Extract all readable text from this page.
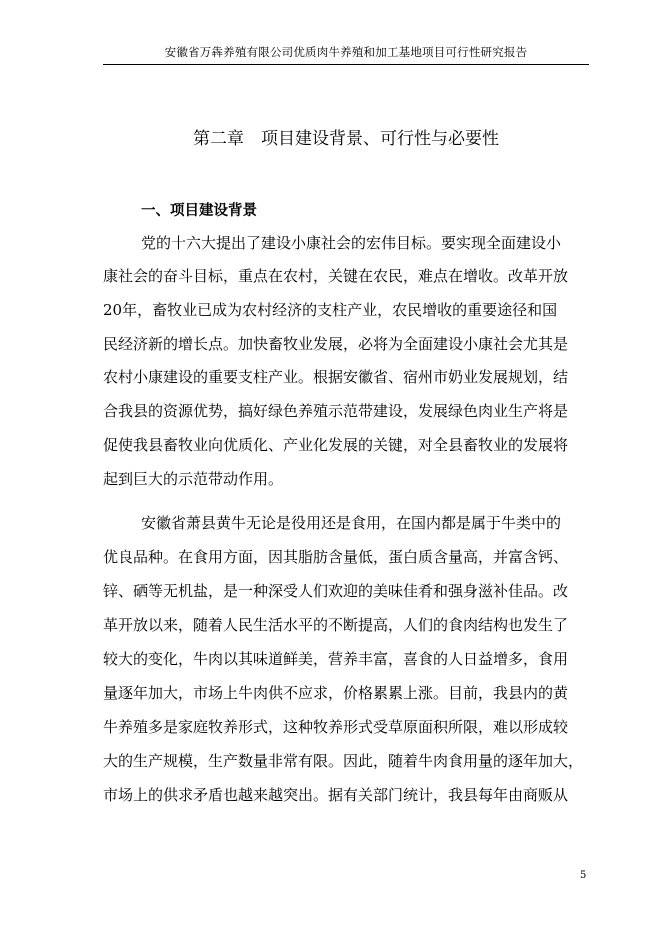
安徽省万犇养殖有限公司优质肉牛养殖和加工基地项目可行性研究报告
第二章　项目建设背景、可行性与必要性
一、项目建设背景
党的十六大提出了建设小康社会的宏伟目标。要实现全面建设小
康社会的奋斗目标，重点在农村，关键在农民，难点在增收。改革开放
20年，畜牧业已成为农村经济的支柱产业，农民增收的重要途径和国
民经济新的增长点。加快畜牧业发展，必将为全面建设小康社会尤其是
农村小康建设的重要支柱产业。根据安徽省、宿州市奶业发展规划，结
合我县的资源优势，搞好绿色养殖示范带建设，发展绿色肉业生产将是
促使我县畜牧业向优质化、产业化发展的关键，对全县畜牧业的发展将
起到巨大的示范带动作用。
安徽省萧县黄牛无论是役用还是食用，在国内都是属于牛类中的
优良品种。在食用方面，因其脂肪含量低，蛋白质含量高，并富含钙、
锌、硒等无机盐，是一种深受人们欢迎的美味佳肴和强身滋补佳品。改
革开放以来，随着人民生活水平的不断提高，人们的食肉结构也发生了
较大的变化，牛肉以其味道鲜美，营养丰富，喜食的人日益增多，食用
量逐年加大，市场上牛肉供不应求，价格累累上涨。目前，我县内的黄
牛养殖多是家庭牧养形式，这种牧养形式受草原面积所限，难以形成较
大的生产规模，生产数量非常有限。因此，随着牛肉食用量的逐年加大，
市场上的供求矛盾也越来越突出。据有关部门统计，我县每年由商贩从
5
